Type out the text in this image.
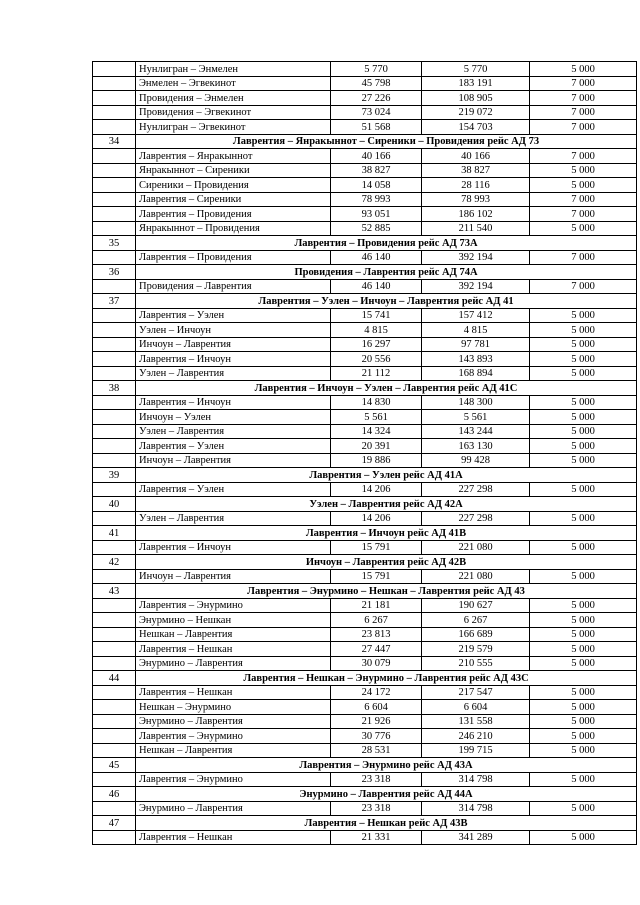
	Нунлигран – Энмелен	5 770	5 770	5 000
	Энмелен – Эгвекинот	45 798	183 191	7 000
	Провидения – Энмелен	27 226	108 905	7 000
	Провидения – Эгвекинот	73 024	219 072	7 000
	Нунлигран – Эгвекинот	51 568	154 703	7 000
34	Лаврентия – Янракыннот – Сиреники – Провидения рейс АД 73			
	Лаврентия – Янракыннот	40 166	40 166	7 000
	Янракыннот – Сиреники	38 827	38 827	5 000
	Сиреники – Провидения	14 058	28 116	5 000
	Лаврентия – Сиреники	78 993	78 993	7 000
	Лаврентия – Провидения	93 051	186 102	7 000
	Янракыннот – Провидения	52 885	211 540	5 000
35	Лаврентия – Провидения рейс АД 73А			
	Лаврентия – Провидения	46 140	392 194	7 000
36	Провидения – Лаврентия рейс АД 74А			
	Провидения – Лаврентия	46 140	392 194	7 000
37	Лаврентия – Уэлен – Инчоун – Лаврентия рейс АД 41			
	Лаврентия – Уэлен	15 741	157 412	5 000
	Уэлен – Инчоун	4 815	4 815	5 000
	Инчоун – Лаврентия	16 297	97 781	5 000
	Лаврентия – Инчоун	20 556	143 893	5 000
	Уэлен – Лаврентия	21 112	168 894	5 000
38	Лаврентия – Инчоун – Уэлен – Лаврентия рейс АД 41С			
	Лаврентия – Инчоун	14 830	148 300	5 000
	Инчоун – Уэлен	5 561	5 561	5 000
	Уэлен – Лаврентия	14 324	143 244	5 000
	Лаврентия – Уэлен	20 391	163 130	5 000
	Инчоун – Лаврентия	19 886	99 428	5 000
39	Лаврентия – Уэлен рейс АД 41А			
	Лаврентия – Уэлен	14 206	227 298	5 000
40	Уэлен – Лаврентия рейс АД 42А			
	Уэлен – Лаврентия	14 206	227 298	5 000
41	Лаврентия – Инчоун рейс АД 41В			
	Лаврентия – Инчоун	15 791	221 080	5 000
42	Инчоун – Лаврентия рейс АД 42В			
	Инчоун – Лаврентия	15 791	221 080	5 000
43	Лаврентия – Энурмино – Нешкан – Лаврентия рейс АД 43			
	Лаврентия – Энурмино	21 181	190 627	5 000
	Энурмино – Нешкан	6 267	6 267	5 000
	Нешкан – Лаврентия	23 813	166 689	5 000
	Лаврентия – Нешкан	27 447	219 579	5 000
	Энурмино – Лаврентия	30 079	210 555	5 000
44	Лаврентия – Нешкан – Энурмино – Лаврентия рейс АД 43С			
	Лаврентия – Нешкан	24 172	217 547	5 000
	Нешкан – Энурмино	6 604	6 604	5 000
	Энурмино – Лаврентия	21 926	131 558	5 000
	Лаврентия – Энурмино	30 776	246 210	5 000
	Нешкан – Лаврентия	28 531	199 715	5 000
45	Лаврентия – Энурмино рейс АД 43А			
	Лаврентия – Энурмино	23 318	314 798	5 000
46	Энурмино – Лаврентия рейс АД 44А			
	Энурмино – Лаврентия	23 318	314 798	5 000
47	Лаврентия – Нешкан рейс АД 43В			
	Лаврентия – Нешкан	21 331	341 289	5 000
